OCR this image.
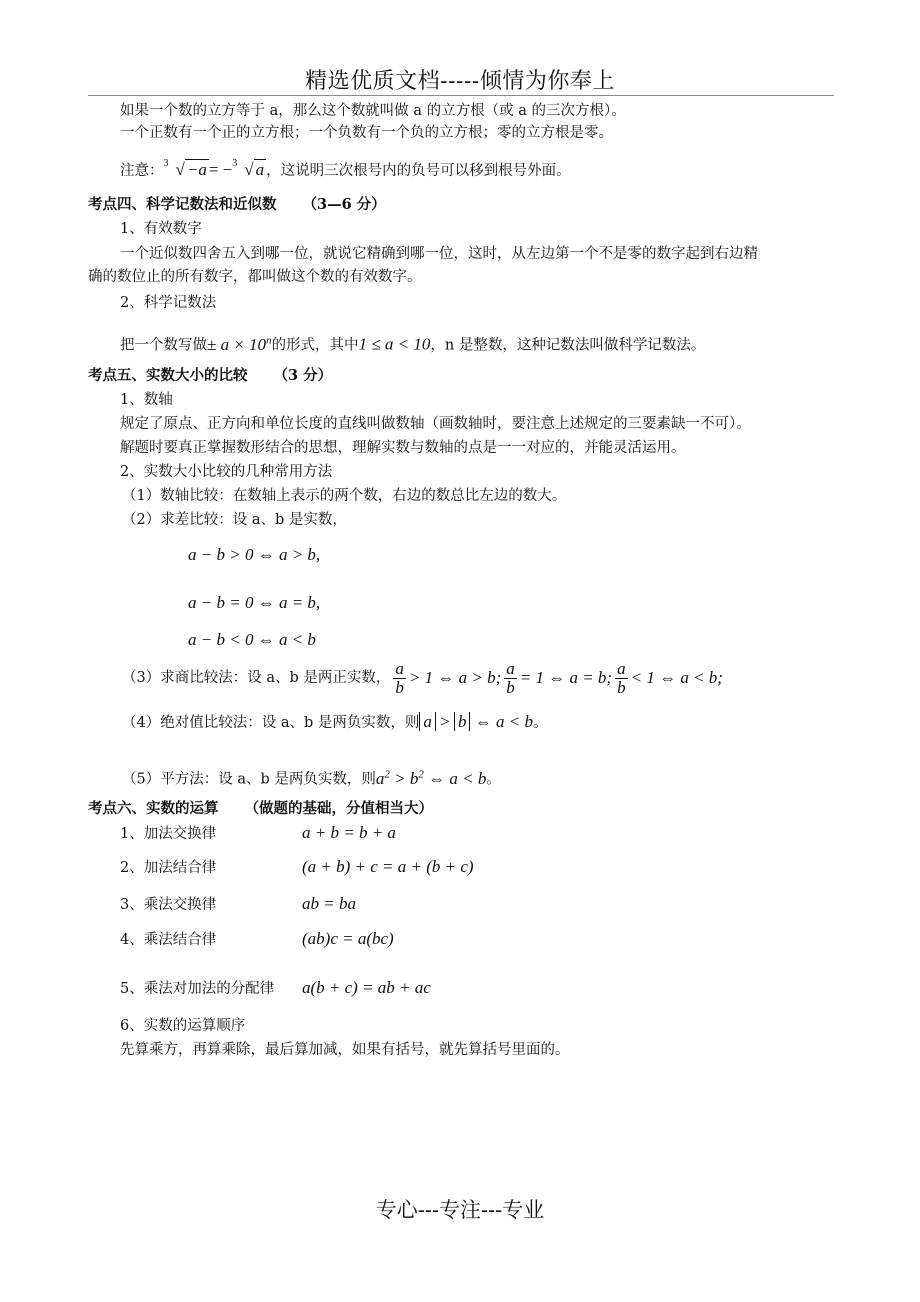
精选优质文档-----倾情为你奉上
如果一个数的立方等于 a，那么这个数就叫做 a 的立方根（或 a 的三次方根）。
一个正数有一个正的立方根；一个负数有一个负的立方根；零的立方根是零。
注意： 3 √ −a = − 3 √ a ，这说明三次根号内的负号可以移到根号外面。
考点四、科学记数法和近似数 （3—6 分）
1、有效数字
一个近似数四舍五入到哪一位，就说它精确到哪一位，这时，从左边第一个不是零的数字起到右边精
确的数位止的所有数字，都叫做这个数的有效数字。
2、科学记数法
把一个数写做± $a \times 10^n$的形式，其中1 ≤ a < 10，n 是整数，这种记数法叫做科学记数法。
考点五、实数大小的比较 （3 分）
1、数轴
规定了原点、正方向和单位长度的直线叫做数轴（画数轴时，要注意上述规定的三要素缺一不可）。
解题时要真正掌握数形结合的思想，理解实数与数轴的点是一一对应的，并能灵活运用。
2、实数大小比较的几种常用方法
（1）数轴比较：在数轴上表示的两个数，右边的数总比左边的数大。
（2）求差比较：设 a、b 是实数，
a − b > 0 ⇔ a > b,
a − b = 0 ⇔ a = b,
a − b < 0 ⇔ a < b
（3）求商比较法：设 a、b 是两正实数， $\frac{a}{b} > 1$ ⇔ a > b; $\frac{a}{b} = 1$ ⇔ a = b; $\frac{a}{b} < 1$ ⇔ a < b;
（4）绝对值比较法：设 a、b 是两负实数，则 a > b ⇔ a < b。
（5）平方法：设 a、b 是两负实数，则$a^2 > b^2$ ⇔ a < b。
考点六、实数的运算 （做题的基础，分值相当大）
1、加法交换律	a + b = b + a
2、加法结合律	(a + b) + c = a + (b + c)
3、乘法交换律	ab = ba
4、乘法结合律	(ab)c = a(bc)
5、乘法对加法的分配律 a(b + c) = ab + ac
6、实数的运算顺序
先算乘方，再算乘除，最后算加减，如果有括号，就先算括号里面的。
专心---专注---专业
